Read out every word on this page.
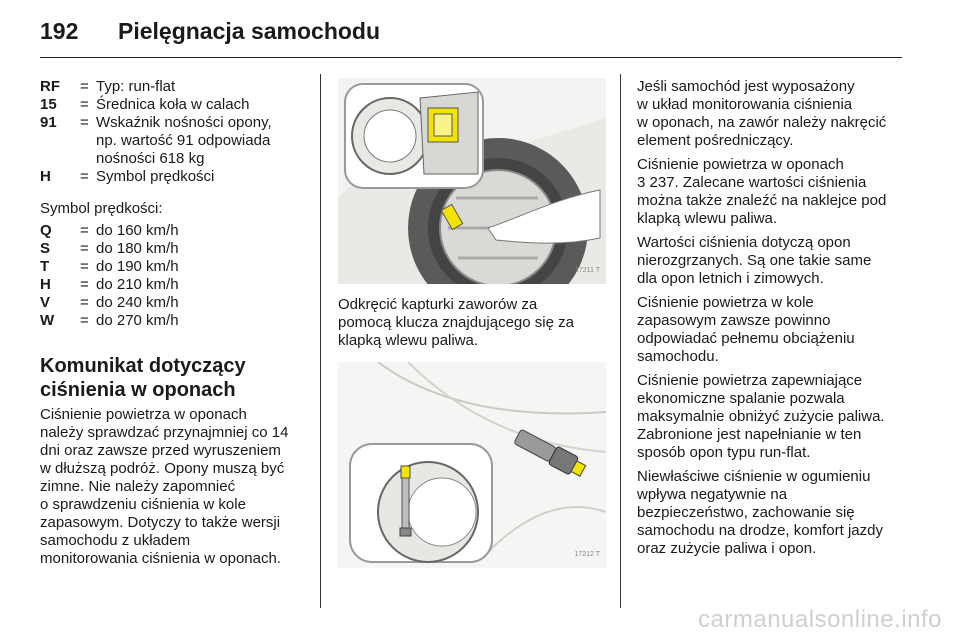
192 Pielęgnacja samochodu
RF	= Typ: run-flat
15	= Średnica koła w calach
91	= Wskaźnik nośności opony,
np. wartość 91 odpowiada
nośności 618 kg
H	= Symbol prędkości

Symbol prędkości:

Q	= do 160 km/h
S	= do 180 km/h
T	= do 190 km/h
H	= do 210 km/h
V	= do 240 km/h
W	= do 270 km/h
Komunikat dotyczący
ciśnienia w oponach

Ciśnienie powietrza w oponach
należy sprawdzać przynajmniej co 14
dni oraz zawsze przed wyruszeniem
w dłuższą podróż. Opony muszą być
zimne. Nie należy zapomnieć
o sprawdzeniu ciśnienia w kole
zapasowym. Dotyczy to także wersji
samochodu z układem
monitorowania ciśnienia w oponach.

17211 T

Odkręcić kapturki zaworów za
pomocą klucza znajdującego się za
klapką wlewu paliwa.

17212 T

Jeśli samochód jest wyposażony
w układ monitorowania ciśnienia
w oponach, na zawór należy nakręcić
element pośredniczący.

Ciśnienie powietrza w oponach
3 237. Zalecane wartości ciśnienia
można także znaleźć na naklejce pod
klapką wlewu paliwa.

Wartości ciśnienia dotyczą opon
nierozgrzanych. Są one takie same
dla opon letnich i zimowych.

Ciśnienie powietrza w kole
zapasowym zawsze powinno
odpowiadać pełnemu obciążeniu
samochodu.

Ciśnienie powietrza zapewniające
ekonomiczne spalanie pozwala
maksymalnie obniżyć zużycie paliwa.
Zabronione jest napełnianie w ten
sposób opon typu run-flat.

Niewłaściwe ciśnienie w ogumieniu
wpływa negatywnie na
bezpieczeństwo, zachowanie się
samochodu na drodze, komfort jazdy
oraz zużycie paliwa i opon.

carmanualsonline.info
